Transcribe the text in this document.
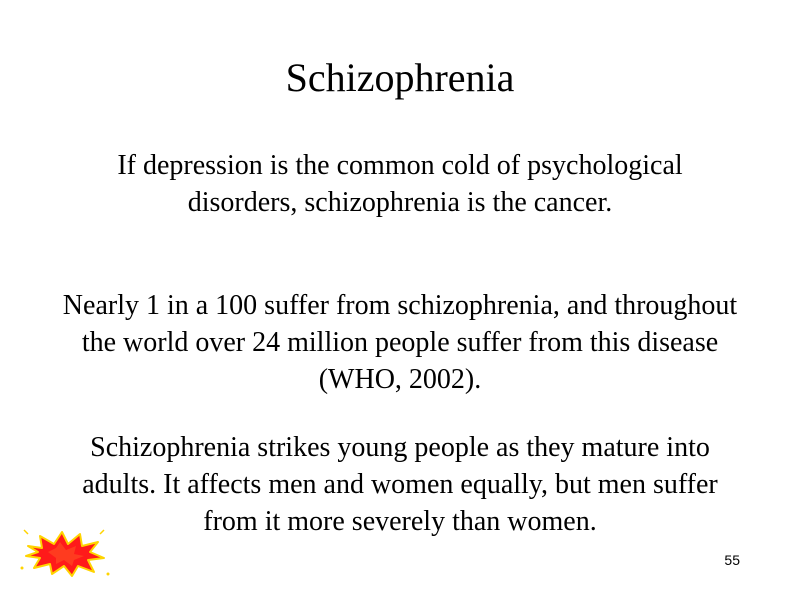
Schizophrenia

If depression is the common cold of psychological disorders, schizophrenia is the cancer.

Nearly 1 in a 100 suffer from schizophrenia, and throughout the world over 24 million people suffer from this disease (WHO, 2002).

Schizophrenia strikes young people as they mature into adults. It affects men and women equally, but men suffer from it more severely than women.

55
